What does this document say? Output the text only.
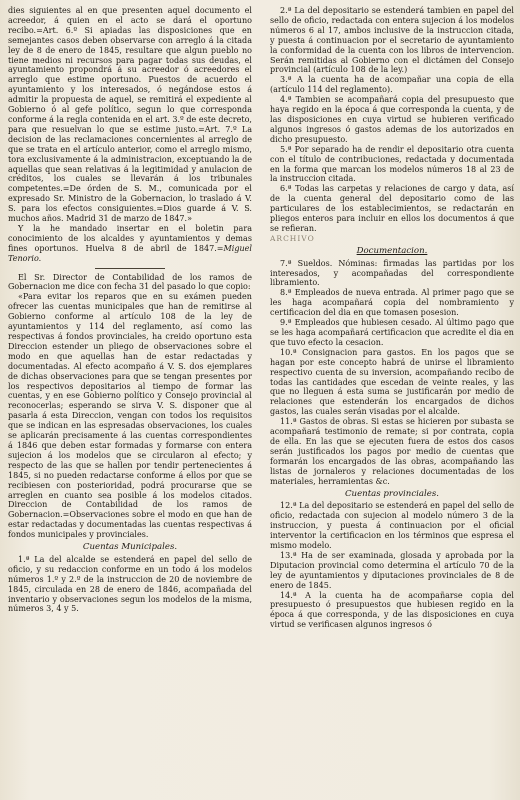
dies siguientes al en que presenten aquel documento el acreedor, á quien en el acto se dará el oportuno recibo.=Art. 6.º Si apiadas las disposiciones que en semejantes casos deben observarse con arreglo á la citada ley de 8 de enero de 1845, resultare que algun pueblo no tiene medios ni recursos para pagar todas sus deudas, el ayuntamiento propondrá á su acreedor ó acreedores el arreglo que estime oportuno. Puestos de acuerdo el ayuntamiento y los interesados, ó negándose estos á admitir la propuesta de aquel, se remitirá el expediente al Gobierno ó al gefe político, segun lo que corresponda conforme á la regla contenida en el art. 3.º de este decreto, para que resuelvan lo que se estime justo.=Art. 7.º La decision de las reclamaciones concernientes al arreglo de que se trata en el artículo anterior, como el arreglo mismo, tora exclusivamente á la administracion, exceptuando la de aquellas que sean relativas á la legitimidad y anulacion de créditos, los cuales se llevarán á los tribunales competentes.=De órden de S. M., comunicada por el expresado Sr. Ministro de la Gobernacion, lo traslado á V. S. para los efectos consiguientes.=Dios guarde á V. S. muchos años. Madrid 31 de marzo de 1847.»

Y la he mandado insertar en el boletin para conocimiento de los alcaldes y ayuntamientos y demas fines oportunos. Huelva 8 de abril de 1847.=Miguel Tenorio.

El Sr. Director de Contabilidad de los ramos de Gobernacion me dice con fecha 31 del pasado lo que copio:

«Para evitar los reparos que en su exámen pueden ofrecer las cuentas municipales que han de remitirse al Gobierno conforme al artículo 108 de la ley de ayuntamientos y 114 del reglamento, así como las respectivas á fondos provinciales, ha creido oportuno esta Direccion estender un pliego de observaciones sobre el modo en que aquellas han de estar redactadas y documentadas. Al efecto acompaño á V. S. dos ejemplares de dichas observaciones para que se tengan presentes por los respectivos depositarios al tiempo de formar las cuentas, y en ese Gobierno político y Consejo provincial al reconocerlas; esperando se sirva V. S. disponer que al pasarla á esta Direccion, vengan con todos los requisitos que se indican en las espresadas observaciones, los cuales se aplicarán precisamente á las cuentas correspondientes á 1846 que deben estar formadas y formarse con entera sujecion á los modelos que se circularon al efecto; y respecto de las que se hallen por tendir pertenecientes á 1845, si no pueden redactarse conforme á ellos por que se recibiesen con posterioridad, podrá procurarse que se arreglen en cuanto sea posible á los modelos citados. Direccion de Contabilidad de los ramos de Gobernacion.=Observaciones sobre el modo en que han de estar redactadas y documentadas las cuentas respectivas á fondos municipales y provinciales.

Cuentas Municipales.

1.ª La del alcalde se estenderá en papel del sello de oficio, y su redaccion conforme en un todo á los modelos números 1.º y 2.º de la instruccion de 20 de noviembre de 1845, circulada en 28 de enero de 1846, acompañada del inventario y observaciones segun los modelos de la misma, números 3, 4 y 5.

2.ª La del depositario se estenderá tambien en papel del sello de oficio, redactada con entera sujecion á los modelos números 6 al 17, ambos inclusive de la instruccion citada, y puesta á continuacion por el secretario de ayuntamiento la conformidad de la cuenta con los libros de intervencion. Serán remitidas al Gobierno con el dictámen del Consejo provincial (artículo 108 de la ley.)

3.ª A la cuenta ha de acompañar una copia de ella (artículo 114 del reglamento).

4.ª Tambien se acompañará copia del presupuesto que haya regido en la época á que corresponda la cuenta, y de las disposiciones en cuya virtud se hubieren verificado algunos ingresos ó gastos ademas de los autorizados en dicho presupuesto.

5.ª Por separado ha de rendir el depositario otra cuenta con el título de contribuciones, redactada y documentada en la forma que marcan los modelos números 18 al 23 de la instruccion citada.

6.ª Todas las carpetas y relaciones de cargo y data, así de la cuenta general del depositario como de las particulares de los establecimientos, se redactarán en pliegos enteros para incluir en ellos los documentos á que se refieran.

ARCHIVO

Documentacion.

7.ª Sueldos. Nóminas: firmadas las partidas por los interesados, y acompañadas del correspondiente libramiento.

8.ª Empleados de nueva entrada. Al primer pago que se les haga acompañará copia del nombramiento y certificacion del dia en que tomasen posesion.

9.ª Empleados que hubiesen cesado. Al último pago que se les haga acompañará certificacion que acredite el dia en que tuvo efecto la cesacion.

10.ª Consignacion para gastos. En los pagos que se hagan por este concepto habrá de unirse el libramiento respectivo cuenta de su inversion, acompañando recibo de todas las cantidades que escedan de veinte reales, y las que no lleguen á esta suma se justificarán por medio de relaciones que estenderán los encargados de dichos gastos, las cuales serán visadas por el alcalde.

11.ª Gastos de obras. Si estas se hicieren por subasta se acompañará testimonio de remate; si por contrata, copia de ella. En las que se ejecuten fuera de estos dos casos serán justificados los pagos por medio de cuentas que formarán los encargados de las obras, acompañando las listas de jornaleros y relaciones documentadas de los materiales, herramientas &c.

Cuentas provinciales.

12.ª La del depositario se estenderá en papel del sello de oficio, redactada con sujecion al modelo número 3 de la instruccion, y puesta á continuacion por el oficial interventor la certificacion en los términos que espresa el mismo modelo.

13.ª Ha de ser examinada, glosada y aprobada por la Diputacion provincial como determina el artículo 70 de la ley de ayuntamientos y diputaciones provinciales de 8 de enero de 1845.

14.ª A la cuenta ha de acompañarse copia del presupuesto ó presupuestos que hubiesen regido en la época á que corresponda, y de las disposiciones en cuya virtud se verificasen algunos ingresos ó
